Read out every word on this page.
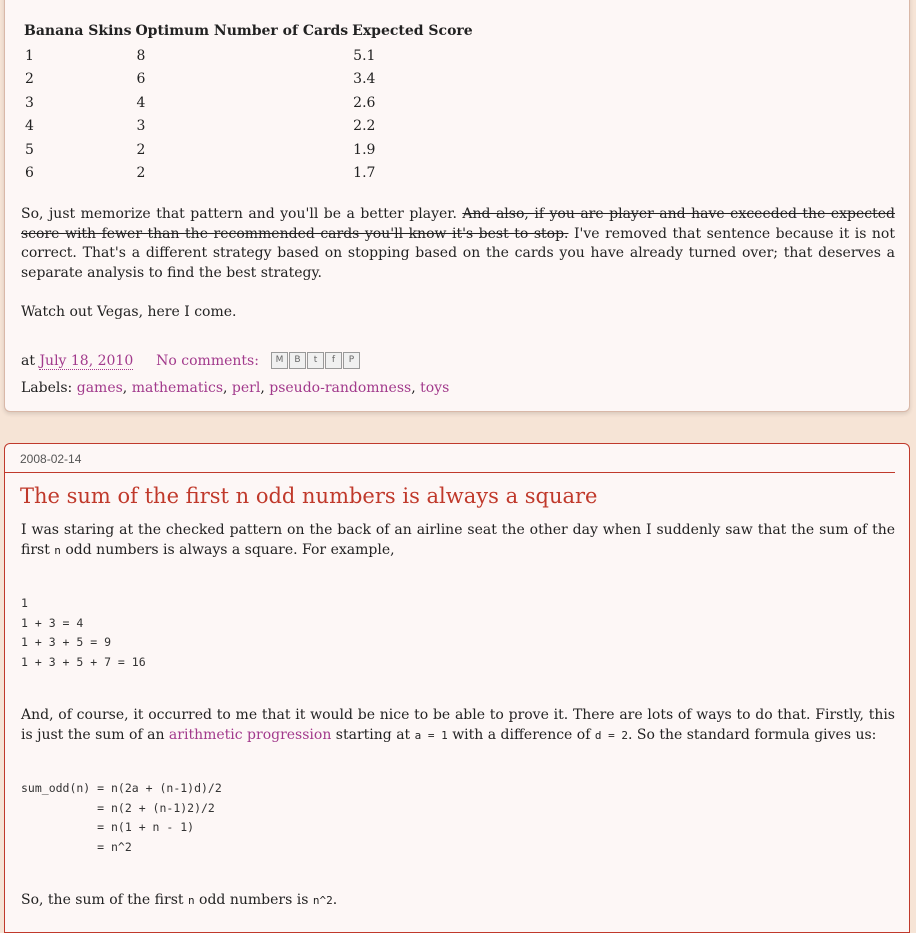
Banana Skins	Optimum Number of Cards	Expected Score
1	8	5.1
2	6	3.4
3	4	2.6
4	3	2.2
5	2	1.9
6	2	1.7

So, just memorize that pattern and you'll be a better player. And also, if you are player and have exceeded the expected score with fewer than the recommended cards you'll know it's best to stop. I've removed that sentence because it is not correct. That's a different strategy based on stopping based on the cards you have already turned over; that deserves a separate analysis to find the best strategy.

Watch out Vegas, here I come.

at July 18, 2010 No comments:	M	B	t	f	P
Labels: games, mathematics, perl, pseudo-randomness, toys
2008-02-14
The sum of the first n odd numbers is always a square

I was staring at the checked pattern on the back of an airline seat the other day when I suddenly saw that the sum of the first n odd numbers is always a square. For example,

1
1 + 3 = 4
1 + 3 + 5 = 9
1 + 3 + 5 + 7 = 16

And, of course, it occurred to me that it would be nice to be able to prove it. There are lots of ways to do that. Firstly, this is just the sum of an arithmetic progression starting at a = 1 with a difference of d = 2. So the standard formula gives us:

sum_odd(n) = n(2a + (n-1)d)/2
= n(2 + (n-1)2)/2
= n(1 + n - 1)
= n^2

So, the sum of the first n odd numbers is n^2.
